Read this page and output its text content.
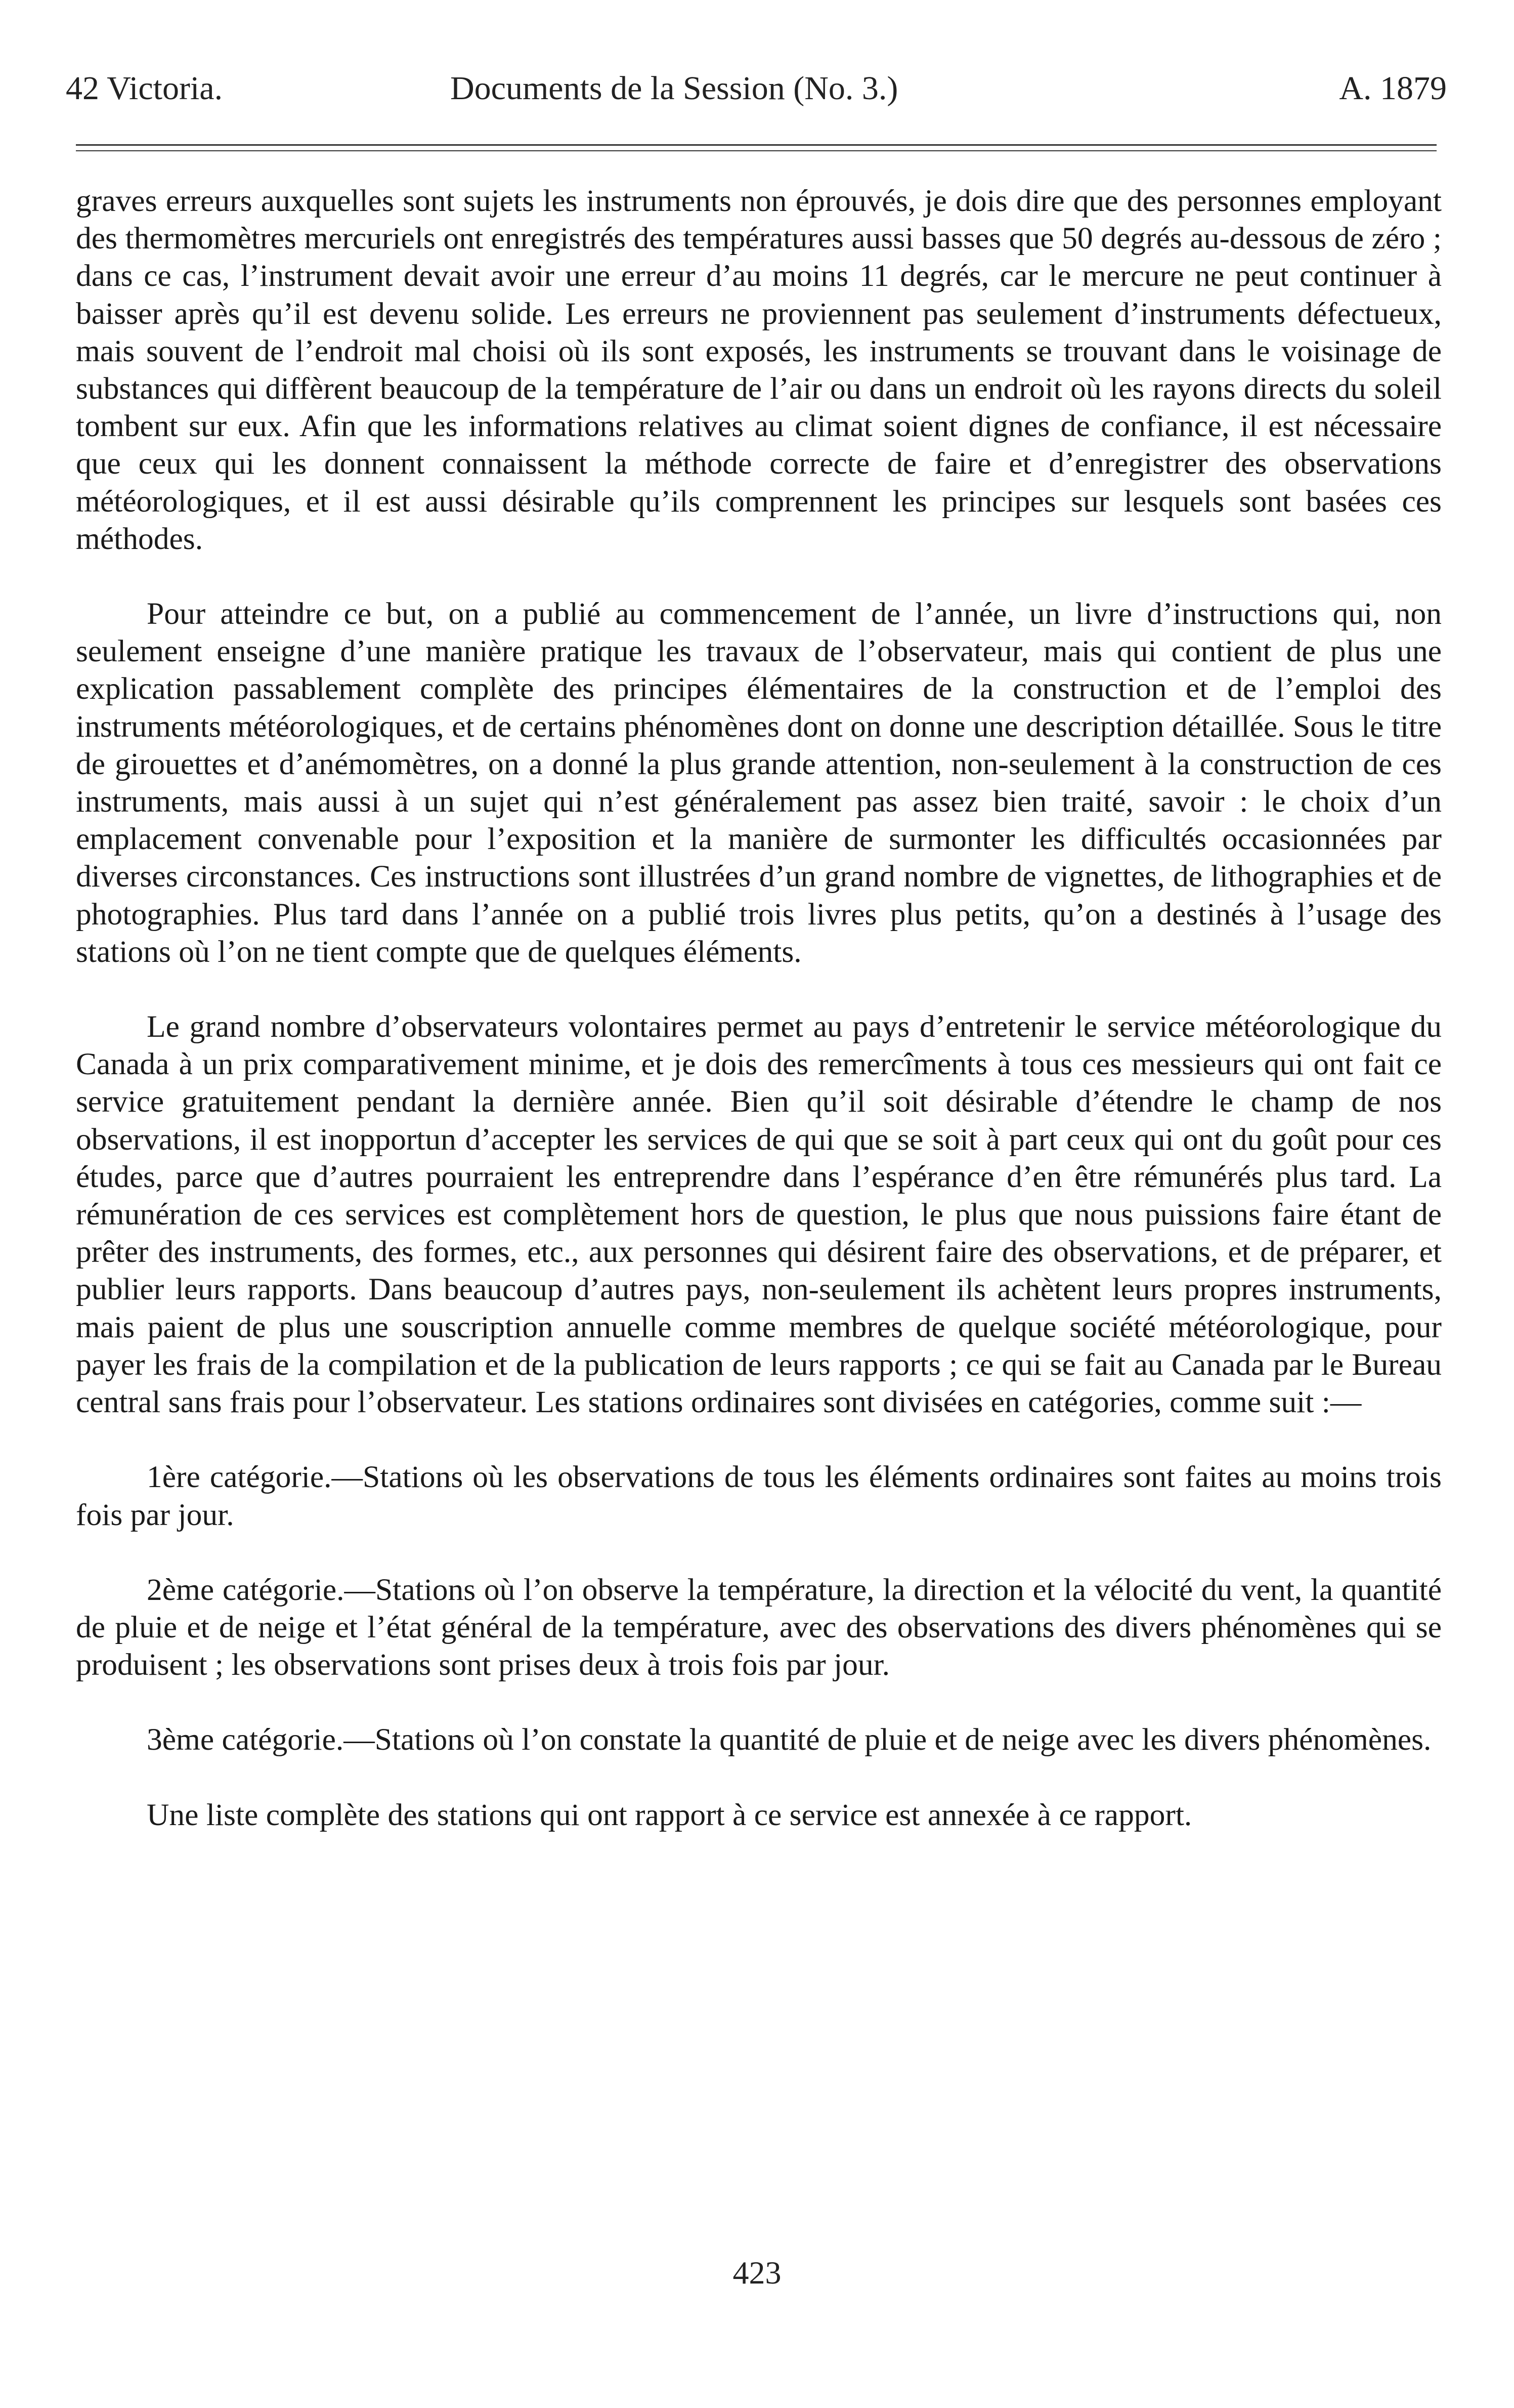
42 Victoria.	Documents de la Session (No. 3.)	A. 1879

graves erreurs auxquelles sont sujets les instruments non éprouvés, je dois dire que des personnes employant des thermomètres mercuriels ont enregistrés des températures aussi basses que 50 degrés au-dessous de zéro ; dans ce cas, l’instrument devait avoir une erreur d’au moins 11 degrés, car le mercure ne peut continuer à baisser après qu’il est devenu solide. Les erreurs ne proviennent pas seulement d’instruments défectueux, mais souvent de l’endroit mal choisi où ils sont exposés, les instruments se trouvant dans le voisinage de substances qui diffèrent beaucoup de la température de l’air ou dans un endroit où les rayons directs du soleil tombent sur eux. Afin que les informations relatives au climat soient dignes de confiance, il est nécessaire que ceux qui les donnent connaissent la méthode correcte de faire et d’enregistrer des observations météorologiques, et il est aussi désirable qu’ils comprennent les principes sur lesquels sont basées ces méthodes.

Pour atteindre ce but, on a publié au commencement de l’année, un livre d’instructions qui, non seulement enseigne d’une manière pratique les travaux de l’observateur, mais qui contient de plus une explication passablement complète des principes élémentaires de la construction et de l’emploi des instruments météorologiques, et de certains phénomènes dont on donne une description détaillée. Sous le titre de girouettes et d’anémomètres, on a donné la plus grande attention, non-seulement à la construction de ces instruments, mais aussi à un sujet qui n’est généralement pas assez bien traité, savoir : le choix d’un emplacement convenable pour l’exposition et la manière de surmonter les difficultés occasionnées par diverses circonstances. Ces instructions sont illustrées d’un grand nombre de vignettes, de lithographies et de photographies. Plus tard dans l’année on a publié trois livres plus petits, qu’on a destinés à l’usage des stations où l’on ne tient compte que de quelques éléments.

Le grand nombre d’observateurs volontaires permet au pays d’entretenir le service météorologique du Canada à un prix comparativement minime, et je dois des remercîments à tous ces messieurs qui ont fait ce service gratuitement pendant la dernière année. Bien qu’il soit désirable d’étendre le champ de nos observations, il est inopportun d’accepter les services de qui que se soit à part ceux qui ont du goût pour ces études, parce que d’autres pourraient les entreprendre dans l’espérance d’en être rémunérés plus tard. La rémunération de ces services est complètement hors de question, le plus que nous puissions faire étant de prêter des instruments, des formes, etc., aux personnes qui désirent faire des observations, et de préparer, et publier leurs rapports. Dans beaucoup d’autres pays, non-seulement ils achètent leurs propres instruments, mais paient de plus une souscription annuelle comme membres de quelque société météorologique, pour payer les frais de la compilation et de la publication de leurs rapports ; ce qui se fait au Canada par le Bureau central sans frais pour l’observateur. Les stations ordinaires sont divisées en catégories, comme suit :—

1ère catégorie.—Stations où les observations de tous les éléments ordinaires sont faites au moins trois fois par jour.

2ème catégorie.—Stations où l’on observe la température, la direction et la vélocité du vent, la quantité de pluie et de neige et l’état général de la température, avec des observations des divers phénomènes qui se produisent ; les observations sont prises deux à trois fois par jour.

3ème catégorie.—Stations où l’on constate la quantité de pluie et de neige avec les divers phénomènes.

Une liste complète des stations qui ont rapport à ce service est annexée à ce rapport.

423
